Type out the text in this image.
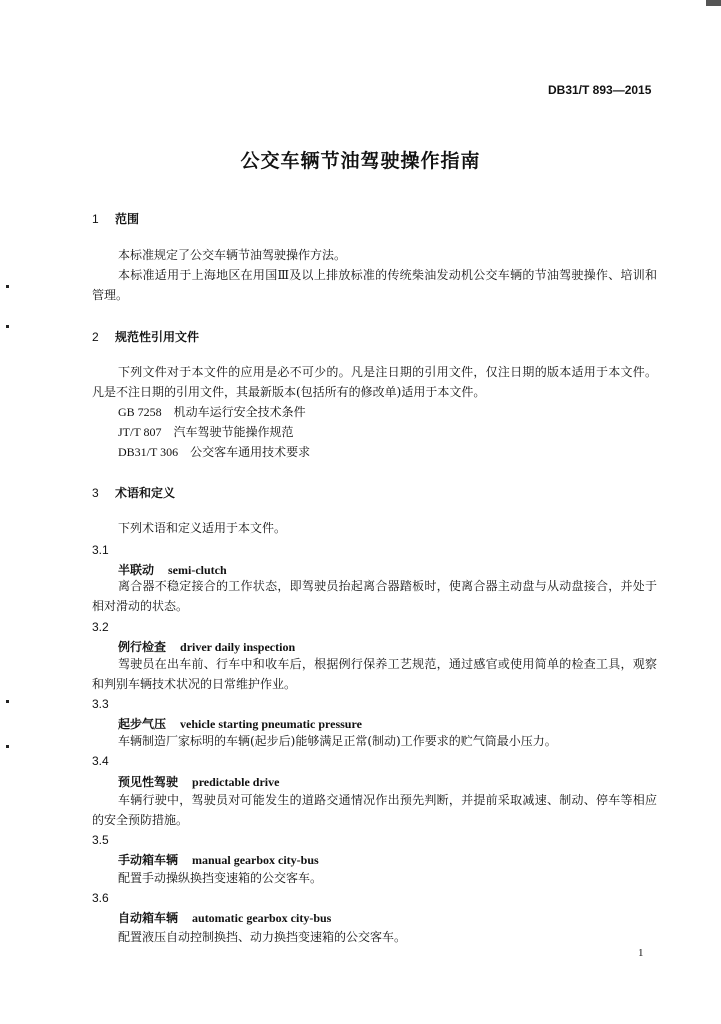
DB31/T 893—2015
公交车辆节油驾驶操作指南
1 范围
本标准规定了公交车辆节油驾驶操作方法。
本标准适用于上海地区在用国Ⅲ及以上排放标准的传统柴油发动机公交车辆的节油驾驶操作、培训和管理。
2 规范性引用文件
下列文件对于本文件的应用是必不可少的。凡是注日期的引用文件，仅注日期的版本适用于本文件。凡是不注日期的引用文件，其最新版本(包括所有的修改单)适用于本文件。
GB 7258 机动车运行安全技术条件
JT/T 807 汽车驾驶节能操作规范
DB31/T 306 公交客车通用技术要求
3 术语和定义
下列术语和定义适用于本文件。
3.1
半联动 semi-clutch
离合器不稳定接合的工作状态，即驾驶员抬起离合器踏板时，使离合器主动盘与从动盘接合，并处于相对滑动的状态。
3.2
例行检查 driver daily inspection
驾驶员在出车前、行车中和收车后，根据例行保养工艺规范，通过感官或使用简单的检查工具，观察和判别车辆技术状况的日常维护作业。
3.3
起步气压 vehicle starting pneumatic pressure
车辆制造厂家标明的车辆(起步后)能够满足正常(制动)工作要求的贮气筒最小压力。
3.4
预见性驾驶 predictable drive
车辆行驶中，驾驶员对可能发生的道路交通情况作出预先判断，并提前采取减速、制动、停车等相应的安全预防措施。
3.5
手动箱车辆 manual gearbox city-bus
配置手动操纵换挡变速箱的公交客车。
3.6
自动箱车辆 automatic gearbox city-bus
配置液压自动控制换挡、动力换挡变速箱的公交客车。
1
